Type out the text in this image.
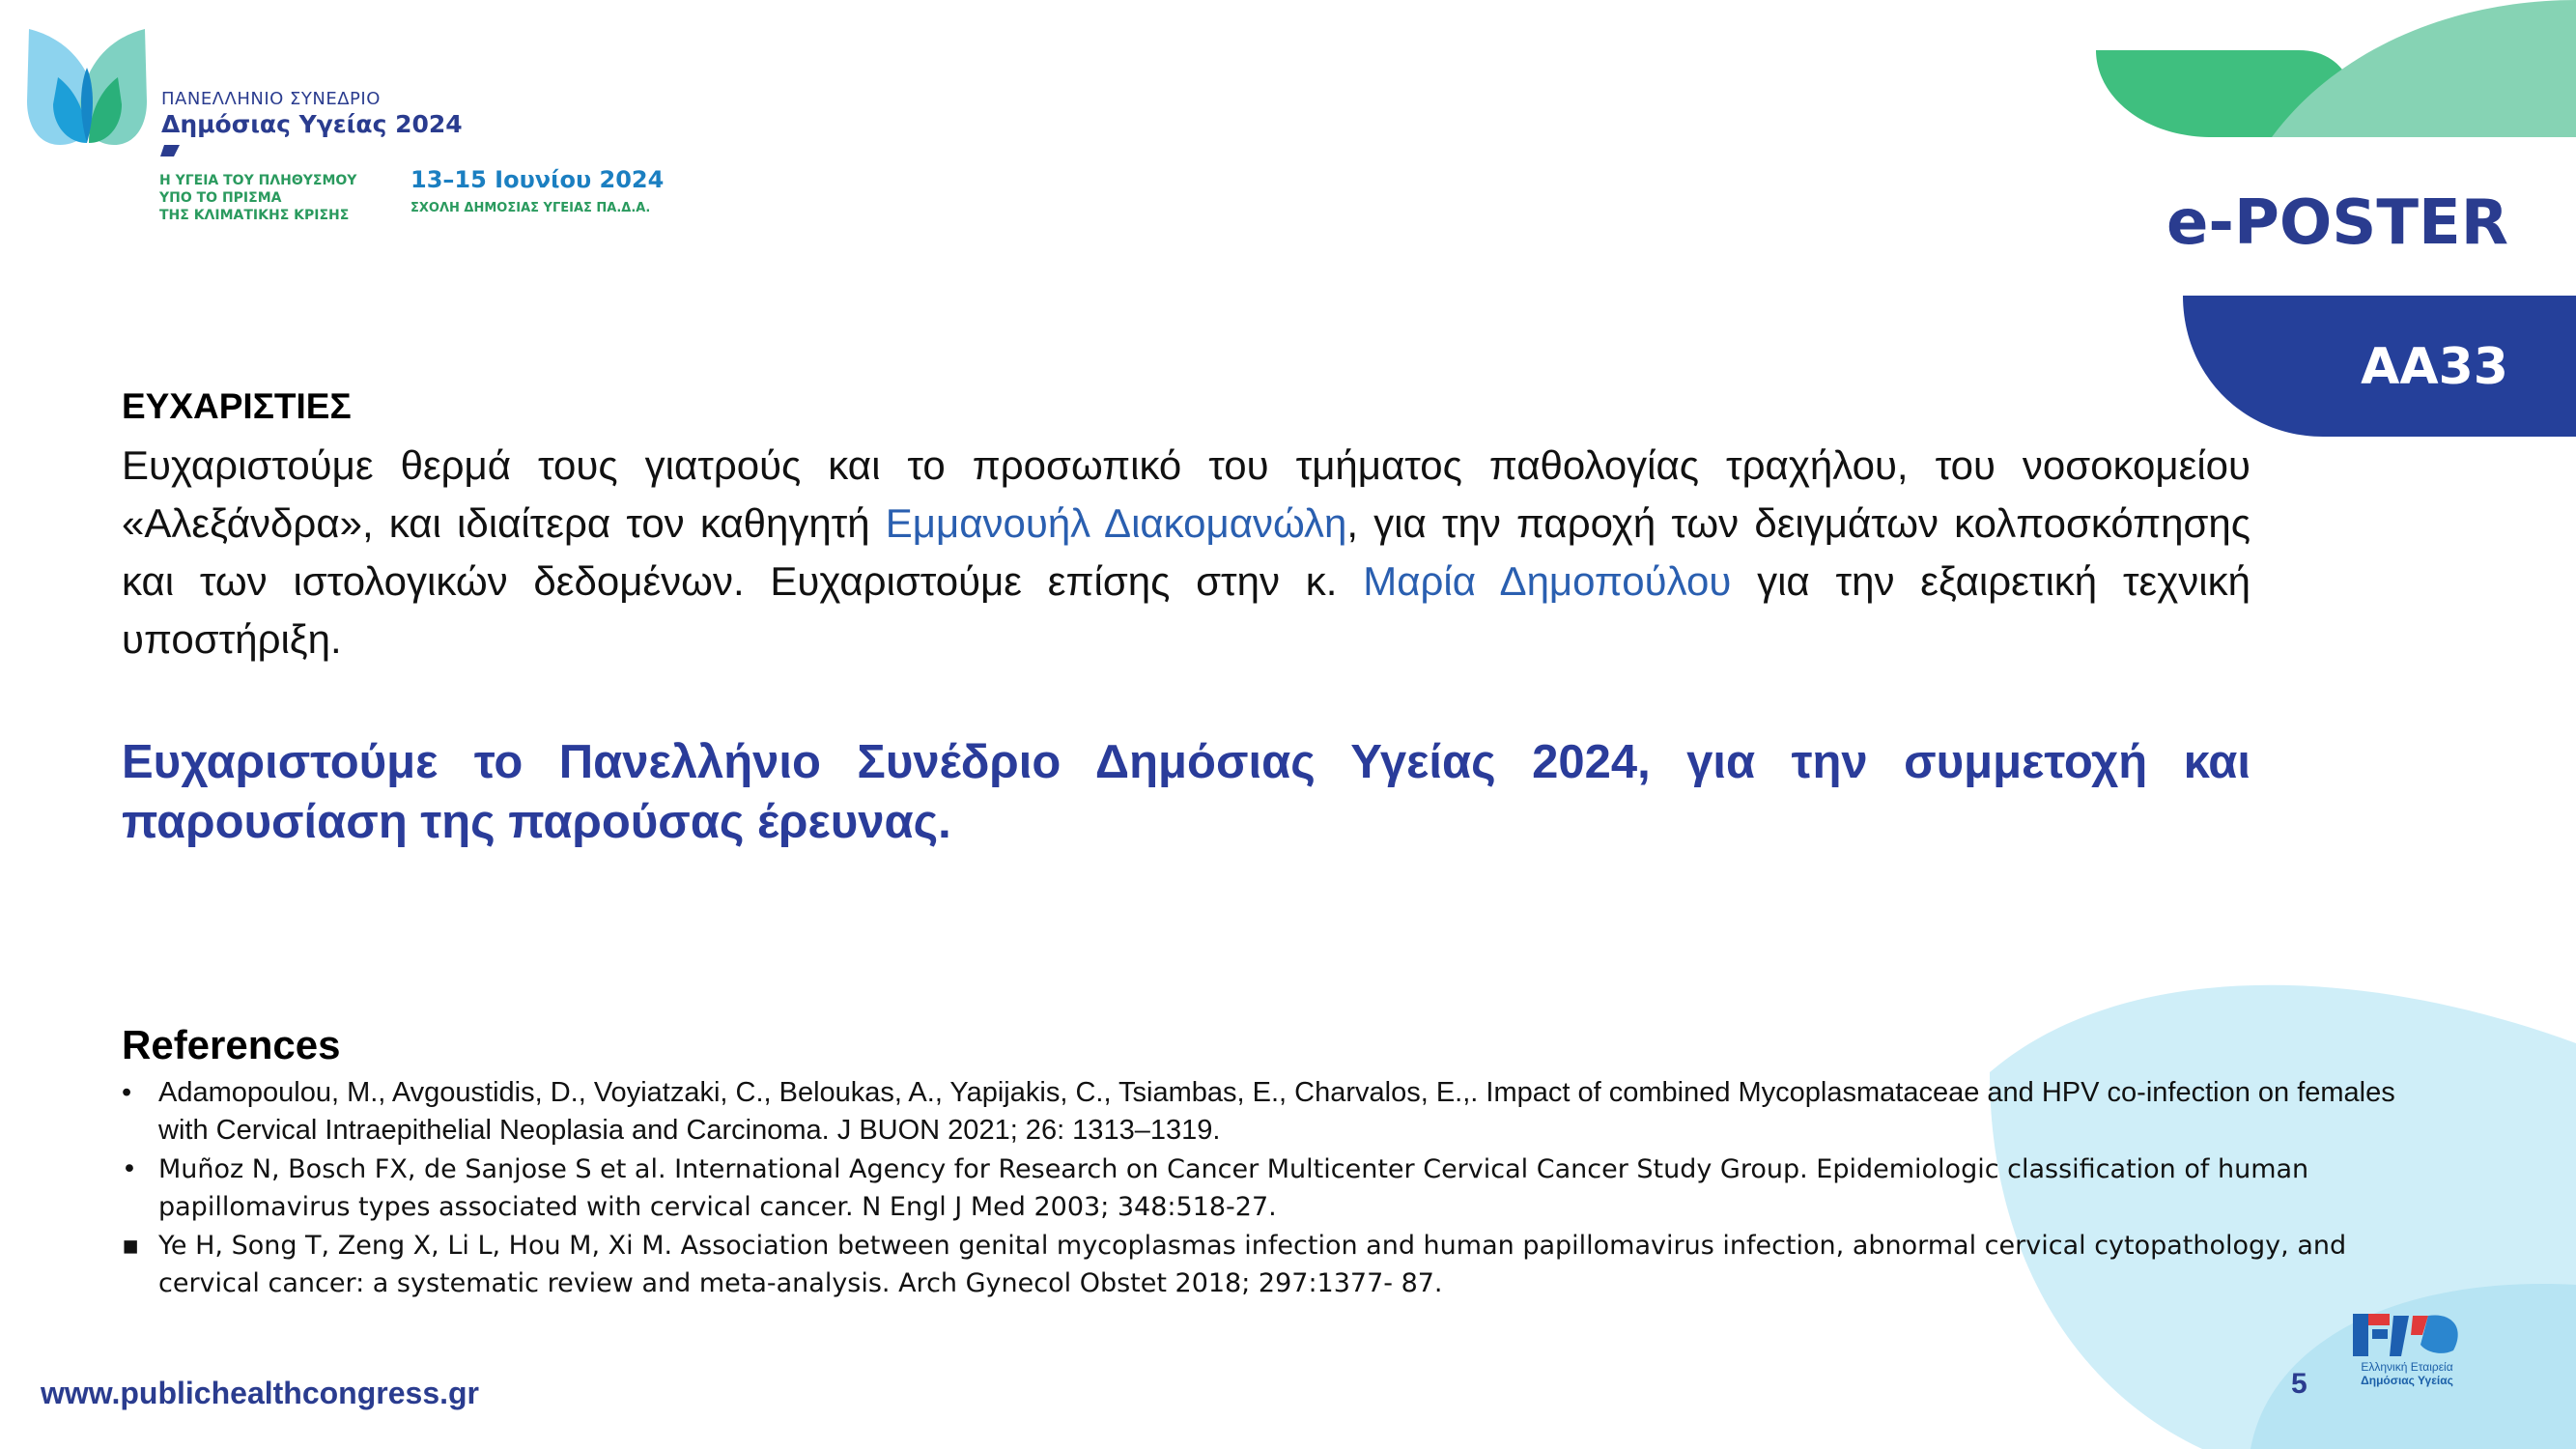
ΠΑΝΕΛΛΗΝΙΟ ΣΥΝΕΔΡΙΟ
Δημόσιας Υγείας 2024
Η ΥΓΕΙΑ ΤΟΥ ΠΛΗΘΥΣΜΟΥ
ΥΠΟ ΤΟ ΠΡΙΣΜΑ
ΤΗΣ ΚΛΙΜΑΤΙΚΗΣ ΚΡΙΣΗΣ
13–15 Ιουνίου 2024
ΣΧΟΛΗ ΔΗΜΟΣΙΑΣ ΥΓΕΙΑΣ ΠΑ.Δ.Α.	e-POSTER
AA33
ΕΥΧΑΡΙΣΤΙΕΣ
Ευχαριστούμε θερμά τους γιατρούς και το προσωπικό του τμήματος παθολογίας τραχήλου, του νοσοκομείου «Αλεξάνδρα», και ιδιαίτερα τον καθηγητή Εμμανουήλ Διακομανώλη, για την παροχή των δειγμάτων κολποσκόπησης και των ιστολογικών δεδομένων. Ευχαριστούμε επίσης στην κ. Μαρία Δημοπούλου για την εξαιρετική τεχνική υποστήριξη.
Ευχαριστούμε το Πανελλήνιο Συνέδριο Δημόσιας Υγείας 2024, για την συμμετοχή και παρουσίαση της παρούσας έρευνας.
References
• Adamopoulou, M., Avgoustidis, D., Voyiatzaki, C., Beloukas, A., Yapijakis, C., Tsiambas, E., Charvalos, E.,. Impact of combined Mycoplasmataceae and HPV co-infection on females with Cervical Intraepithelial Neoplasia and Carcinoma. J BUON 2021; 26: 1313–1319.
• Muñoz N, Bosch FX, de Sanjose S et al. International Agency for Research on Cancer Multicenter Cervical Cancer Study Group. Epidemiologic classification of human papillomavirus types associated with cervical cancer. N Engl J Med 2003; 348:518-27.
▪ Ye H, Song T, Zeng X, Li L, Hou M, Xi M. Association between genital mycoplasmas infection and human papillomavirus infection, abnormal cervical cytopathology, and cervical cancer: a systematic review and meta-analysis. Arch Gynecol Obstet 2018; 297:1377- 87.
www.publichealthcongress.gr	5
Ελληνική Εταιρεία
Δημόσιας Υγείας
